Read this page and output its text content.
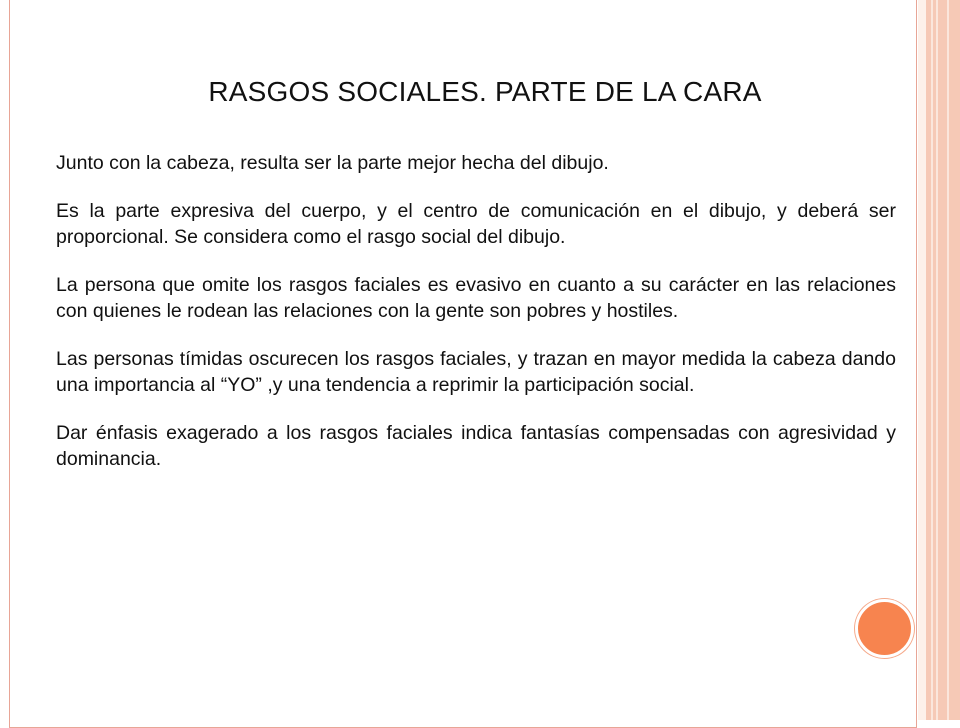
RASGOS SOCIALES. PARTE DE LA CARA

Junto con la cabeza, resulta ser la parte mejor hecha del dibujo.

Es la parte expresiva del cuerpo, y el centro de comunicación en el dibujo, y deberá ser proporcional. Se considera como el rasgo social del dibujo.

La persona que omite los rasgos faciales es evasivo en cuanto a su carácter en las relaciones con quienes le rodean las relaciones con la gente son pobres y hostiles.

Las personas tímidas oscurecen los rasgos faciales, y trazan en mayor medida la cabeza dando una importancia al “YO” ,y una tendencia a reprimir la participación social.

Dar énfasis exagerado a los rasgos faciales indica fantasías compensadas con agresividad y dominancia.
